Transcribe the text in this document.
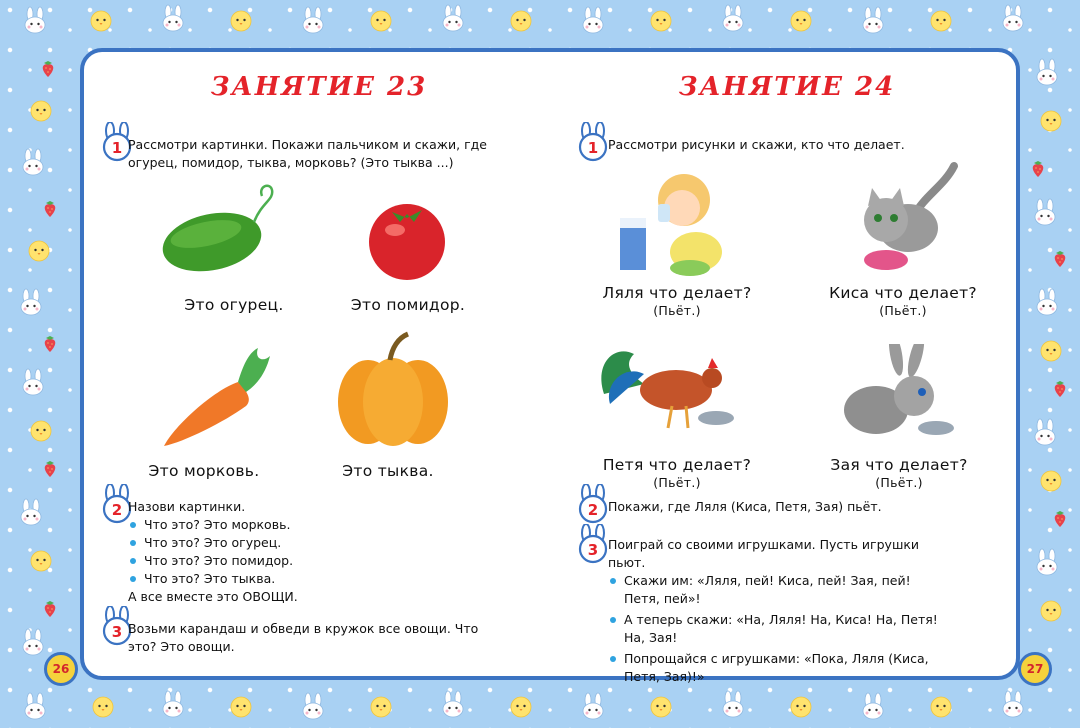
ЗАНЯТИЕ 23
1 Рассмотри картинки. Покажи пальчиком и скажи, где огурец, помидор, тыква, морковь? (Это тыква ...)
Это огурец.	Это помидор.
Это морковь.	Это тыква.
2 Назови картинки.
Что это? Это морковь.
Что это? Это огурец.
Что это? Это помидор.
Что это? Это тыква.
А все вместе это ОВОЩИ.
3 Возьми карандаш и обведи в кружок все овощи. Что это? Это овощи.
26
ЗАНЯТИЕ 24
1 Рассмотри рисунки и скажи, кто что делает.
Ляля что делает?
(Пьёт.)
Киса что делает?
(Пьёт.)
Петя что делает?
(Пьёт.)
Зая что делает?
(Пьёт.)
2 Покажи, где Ляля (Киса, Петя, Зая) пьёт.
3 Поиграй со своими игрушками. Пусть игрушки пьют.
Скажи им: «Ляля, пей! Киса, пей! Зая, пей! Петя, пей»!
А теперь скажи: «На, Ляля! На, Киса! На, Петя! На, Зая!
Попрощайся с игрушками: «Пока, Ляля (Киса, Петя, Зая)!»	27
